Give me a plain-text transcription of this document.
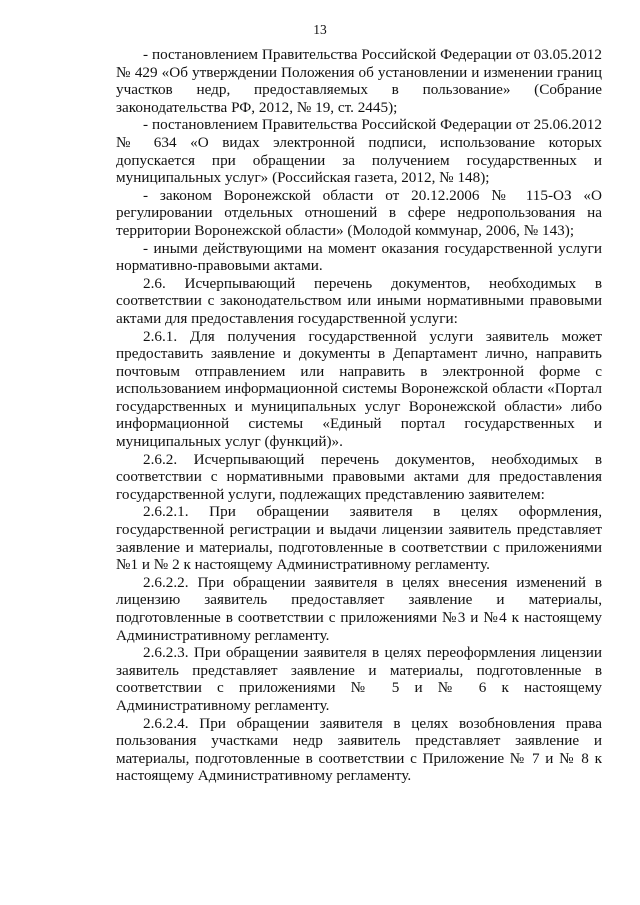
13

- постановлением Правительства Российской Федерации от 03.05.2012 № 429 «Об утверждении Положения об установлении и изменении границ участков недр, предоставляемых в пользование» (Собрание законодательства РФ, 2012, № 19, ст. 2445);

- постановлением Правительства Российской Федерации от 25.06.2012 № 634 «О видах электронной подписи, использование которых допускается при обращении за получением государственных и муниципальных услуг» (Российская газета, 2012, № 148);

- законом Воронежской области от 20.12.2006 № 115-ОЗ «О регулировании отдельных отношений в сфере недропользования на территории Воронежской области» (Молодой коммунар, 2006, № 143);

- иными действующими на момент оказания государственной услуги нормативно-правовыми актами.

2.6. Исчерпывающий перечень документов, необходимых в соответствии с законодательством или иными нормативными правовыми актами для предоставления государственной услуги:

2.6.1. Для получения государственной услуги заявитель может предоставить заявление и документы в Департамент лично, направить почтовым отправлением или направить в электронной форме с использованием информационной системы Воронежской области «Портал государственных и муниципальных услуг Воронежской области» либо информационной системы «Единый портал государственных и муниципальных услуг (функций)».

2.6.2. Исчерпывающий перечень документов, необходимых в соответствии с нормативными правовыми актами для предоставления государственной услуги, подлежащих представлению заявителем:

2.6.2.1. При обращении заявителя в целях оформления, государственной регистрации и выдачи лицензии заявитель представляет заявление и материалы, подготовленные в соответствии с приложениями №1 и № 2 к настоящему Административному регламенту.

2.6.2.2. При обращении заявителя в целях внесения изменений в лицензию заявитель предоставляет заявление и материалы, подготовленные в соответствии с приложениями №3 и №4 к настоящему Административному регламенту.

2.6.2.3. При обращении заявителя в целях переоформления лицензии заявитель представляет заявление и материалы, подготовленные в соответствии с приложениями № 5 и № 6 к настоящему Административному регламенту.

2.6.2.4. При обращении заявителя в целях возобновления права пользования участками недр заявитель представляет заявление и материалы, подготовленные в соответствии с Приложение № 7 и № 8 к настоящему Административному регламенту.
